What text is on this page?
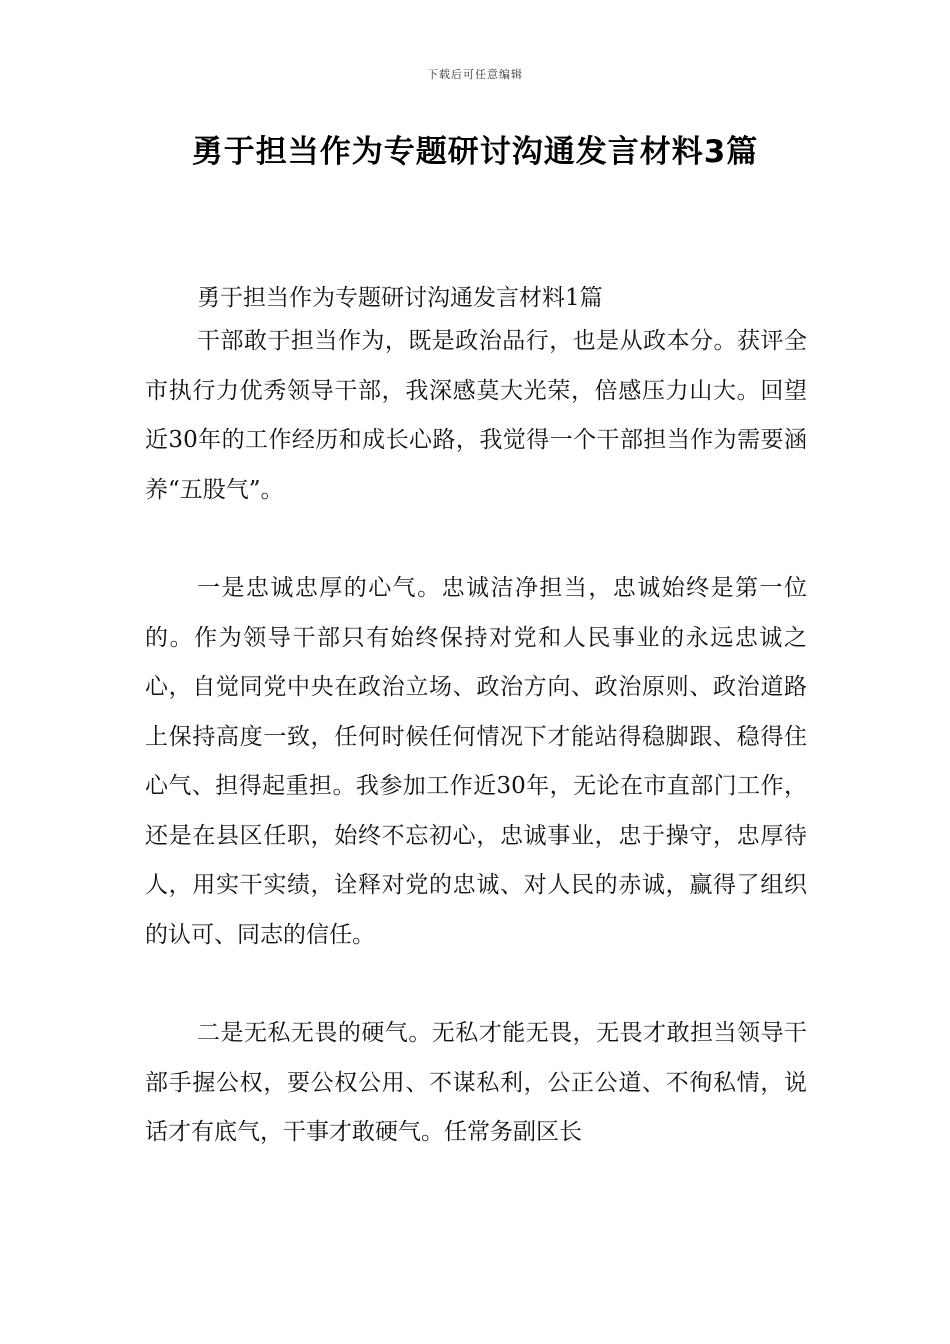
下载后可任意编辑
勇于担当作为专题研讨沟通发言材料3篇

勇于担当作为专题研讨沟通发言材料1篇

干部敢于担当作为，既是政治品行，也是从政本分。获评全市执行力优秀领导干部，我深感莫大光荣，倍感压力山大。回望近30年的工作经历和成长心路，我觉得一个干部担当作为需要涵养“五股气”。

一是忠诚忠厚的心气。忠诚洁净担当，忠诚始终是第一位的。作为领导干部只有始终保持对党和人民事业的永远忠诚之心，自觉同党中央在政治立场、政治方向、政治原则、政治道路上保持高度一致，任何时候任何情况下才能站得稳脚跟、稳得住心气、担得起重担。我参加工作近30年，无论在市直部门工作，还是在县区任职，始终不忘初心，忠诚事业，忠于操守，忠厚待人，用实干实绩，诠释对党的忠诚、对人民的赤诚，赢得了组织的认可、同志的信任。

二是无私无畏的硬气。无私才能无畏，无畏才敢担当领导干部手握公权，要公权公用、不谋私利，公正公道、不徇私情，说话才有底气，干事才敢硬气。任常务副区长
